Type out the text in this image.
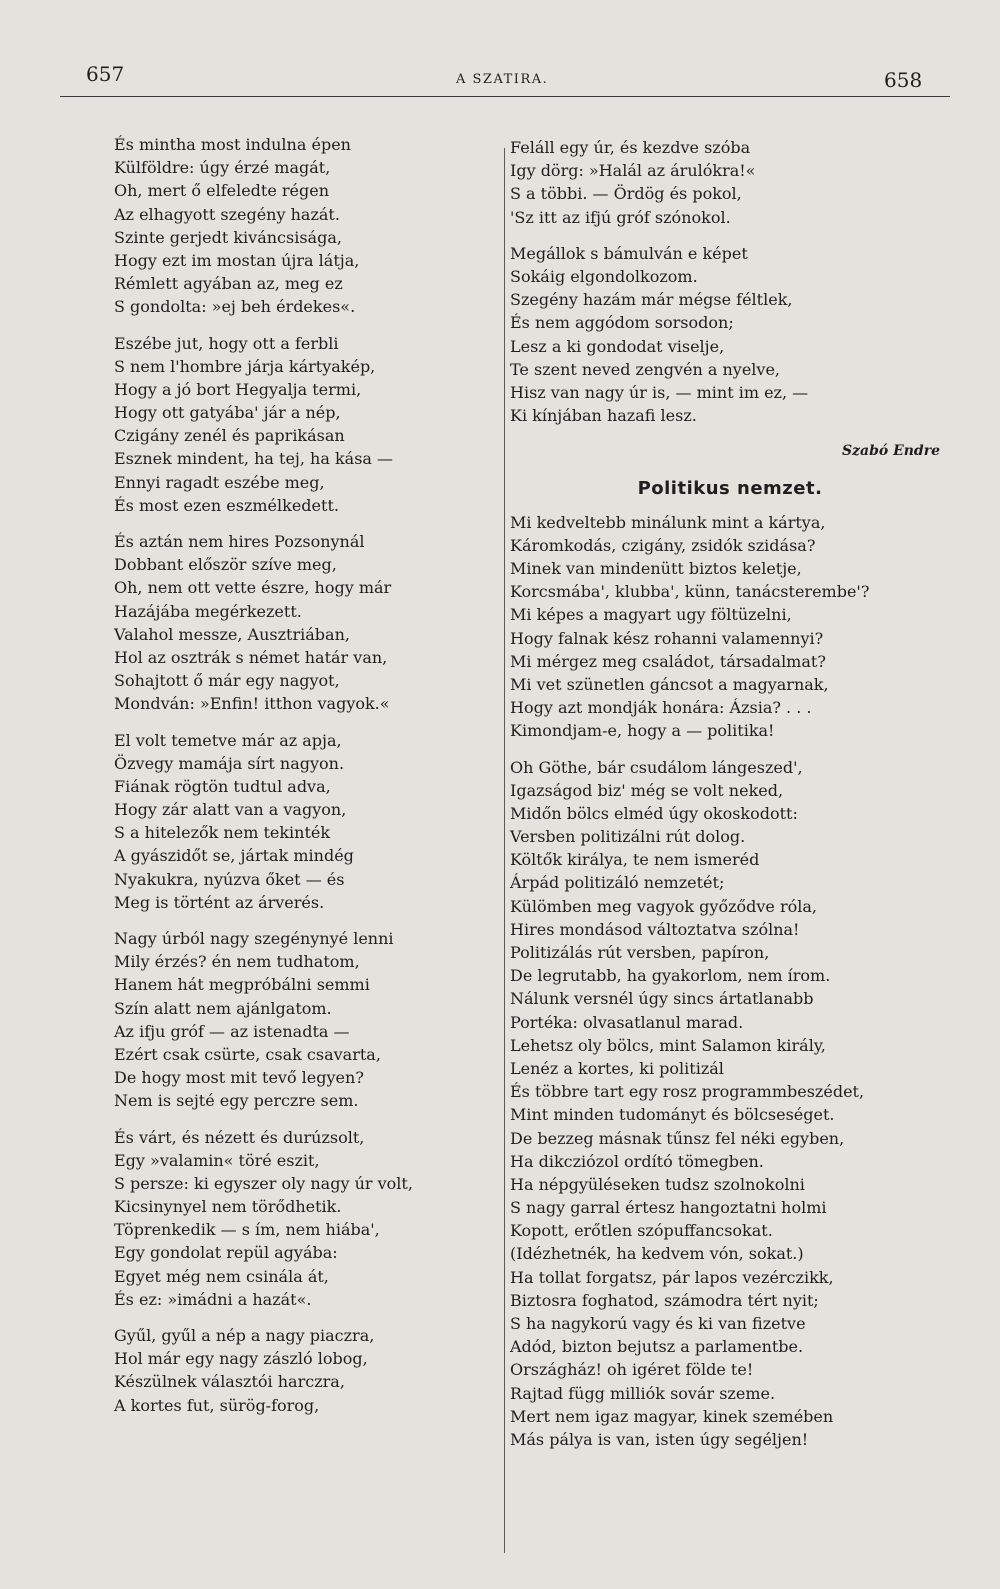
657	A SZATIRA.	658
És mintha most indulna épen
Külföldre: úgy érzé magát,
Oh, mert ő elfeledte régen
Az elhagyott szegény hazát.
Szinte gerjedt kiváncsisága,
Hogy ezt im mostan újra látja,
Rémlett agyában az, meg ez
S gondolta: »ej beh érdekes«.
Eszébe jut, hogy ott a ferbli
S nem l'hombre járja kártyakép,
Hogy a jó bort Hegyalja termi,
Hogy ott gatyába' jár a nép,
Czigány zenél és paprikásan
Esznek mindent, ha tej, ha kása —
Ennyi ragadt eszébe meg,
És most ezen eszmélkedett.
És aztán nem hires Pozsonynál
Dobbant először szíve meg,
Oh, nem ott vette észre, hogy már
Hazájába megérkezett.
Valahol messze, Ausztriában,
Hol az osztrák s német határ van,
Sohajtott ő már egy nagyot,
Mondván: »Enfin! itthon vagyok.«
El volt temetve már az apja,
Özvegy mamája sírt nagyon.
Fiának rögtön tudtul adva,
Hogy zár alatt van a vagyon,
S a hitelezők nem tekinték
A gyászidőt se, jártak mindég
Nyakukra, nyúzva őket — és
Meg is történt az árverés.
Nagy úrból nagy szegénynyé lenni
Mily érzés? én nem tudhatom,
Hanem hát megpróbálni semmi
Szín alatt nem ajánlgatom.
Az ifju gróf — az istenadta —
Ezért csak csürte, csak csavarta,
De hogy most mit tevő legyen?
Nem is sejté egy perczre sem.
És várt, és nézett és durúzsolt,
Egy »valamin« töré eszit,
S persze: ki egyszer oly nagy úr volt,
Kicsinynyel nem törődhetik.
Töprenkedik — s ím, nem hiába',
Egy gondolat repül agyába:
Egyet még nem csinála át,
És ez: »imádni a hazát«.
Gyűl, gyűl a nép a nagy piaczra,
Hol már egy nagy zászló lobog,
Készülnek választói harczra,
A kortes fut, sürög-forog,
Feláll egy úr, és kezdve szóba
Igy dörg: »Halál az árulókra!«
S a többi. — Ördög és pokol,
'Sz itt az ifjú gróf szónokol.
Megállok s bámulván e képet
Sokáig elgondolkozom.
Szegény hazám már mégse féltlek,
És nem aggódom sorsodon;
Lesz a ki gondodat viselje,
Te szent neved zengvén a nyelve,
Hisz van nagy úr is, — mint im ez, —
Ki kínjában hazafi lesz.
Szabó Endre
Politikus nemzet.
Mi kedveltebb minálunk mint a kártya,
Káromkodás, czigány, zsidók szidása?
Minek van mindenütt biztos keletje,
Korcsmába', klubba', künn, tanácsterembe'?
Mi képes a magyart ugy föltüzelni,
Hogy falnak kész rohanni valamennyi?
Mi mérgez meg családot, társadalmat?
Mi vet szünetlen gáncsot a magyarnak,
Hogy azt mondják honára: Ázsia? . . .
Kimondjam-e, hogy a — politika!
Oh Göthe, bár csudálom lángeszed',
Igazságod biz' még se volt neked,
Midőn bölcs elméd úgy okoskodott:
Versben politizálni rút dolog.
Költők királya, te nem ismeréd
Árpád politizáló nemzetét;
Külömben meg vagyok győződve róla,
Hires mondásod változtatva szólna!
Politizálás rút versben, papíron,
De legrutabb, ha gyakorlom, nem írom.
Nálunk versnél úgy sincs ártatlanabb
Portéka: olvasatlanul marad.
Lehetsz oly bölcs, mint Salamon király,
Lenéz a kortes, ki politizál
És többre tart egy rosz programmbeszédet,
Mint minden tudományt és bölcseséget.
De bezzeg másnak tűnsz fel néki egyben,
Ha dikcziózol ordító tömegben.
Ha népgyüléseken tudsz szolnokolni
S nagy garral értesz hangoztatni holmi
Kopott, erőtlen szópuffancsokat.
(Idézhetnék, ha kedvem vón, sokat.)
Ha tollat forgatsz, pár lapos vezérczikk,
Biztosra foghatod, számodra tért nyit;
S ha nagykorú vagy és ki van fizetve
Adód, bizton bejutsz a parlamentbe.
Országház! oh igéret földe te!
Rajtad függ milliók sovár szeme.
Mert nem igaz magyar, kinek szemében
Más pálya is van, isten úgy segéljen!
